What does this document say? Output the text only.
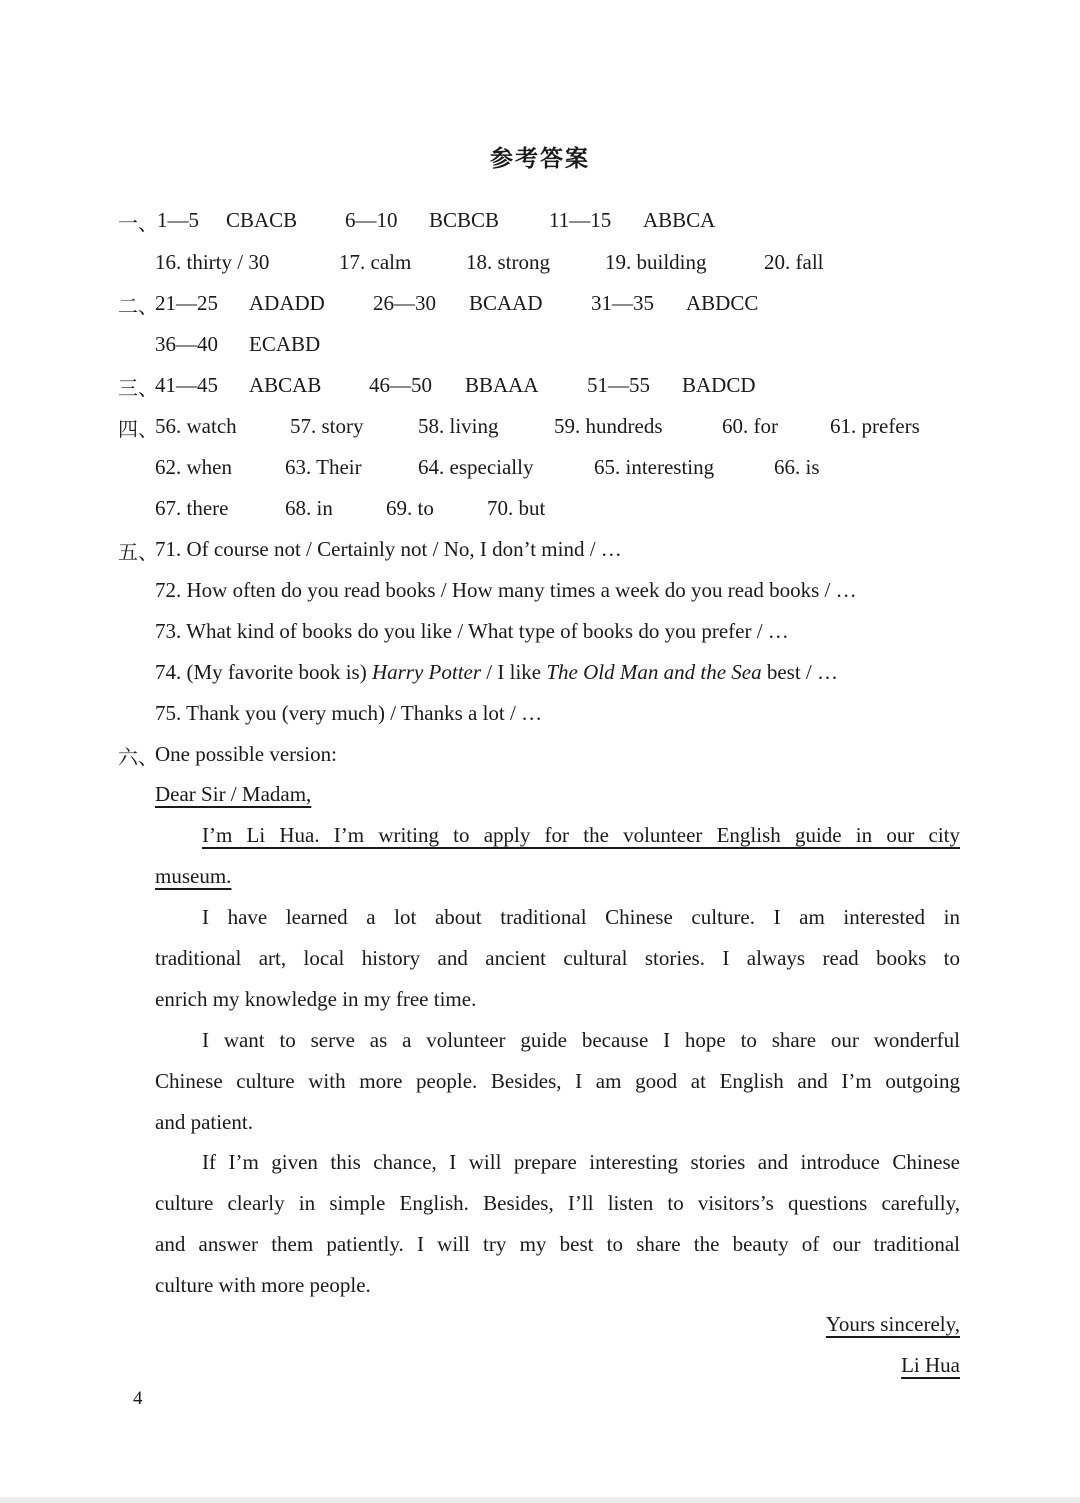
参考答案
一、 1—5 CBACB 6—10 BCBCB 11—15 ABBCA
16. thirty / 30	17. calm	18. strong	19. building	20. fall
二、
21—25 ADADD 26—30 BCAAD 31—35 ABDCC
36—40 ECABD
三、
41—45 ABCAB 46—50 BBAAA 51—55 BADCD
四、
56. watch	57. story	58. living	59. hundreds	60. for 61. prefers
62. when	63. Their	64. especially	65. interesting	66. is
67. there	68. in	69. to	70. but
五、
71. Of course not / Certainly not / No, I don’t mind / …
72. How often do you read books / How many times a week do you read books / …
73. What kind of books do you like / What type of books do you prefer / …
74. (My favorite book is) Harry Potter / I like The Old Man and the Sea best / …
75. Thank you (very much) / Thanks a lot / …
六、
One possible version:
Dear Sir / Madam,
I’m Li Hua. I’m writing to apply for the volunteer English guide in our city
museum.
I have learned a lot about traditional Chinese culture. I am interested in
traditional art, local history and ancient cultural stories. I always read books to
enrich my knowledge in my free time.
I want to serve as a volunteer guide because I hope to share our wonderful
Chinese culture with more people. Besides, I am good at English and I’m outgoing
and patient.
If I’m given this chance, I will prepare interesting stories and introduce Chinese
culture clearly in simple English. Besides, I’ll listen to visitors’s questions carefully,
and answer them patiently. I will try my best to share the beauty of our traditional
culture with more people.
Yours sincerely,
Li Hua
4
